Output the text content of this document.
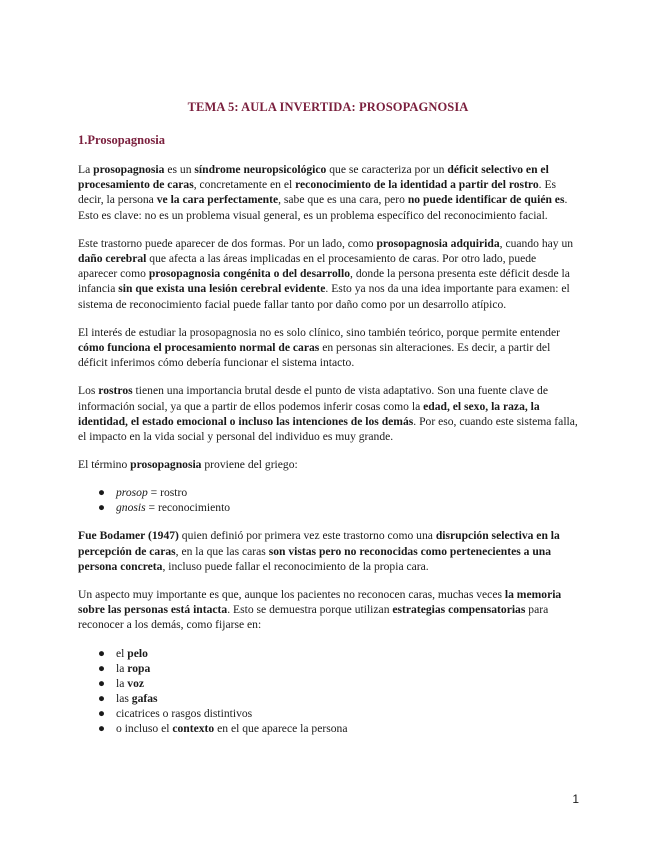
TEMA 5: AULA INVERTIDA: PROSOPAGNOSIA
1.Prosopagnosia

La prosopagnosia es un síndrome neuropsicológico que se caracteriza por un déficit selectivo en el procesamiento de caras, concretamente en el reconocimiento de la identidad a partir del rostro. Es decir, la persona ve la cara perfectamente, sabe que es una cara, pero no puede identificar de quién es. Esto es clave: no es un problema visual general, es un problema específico del reconocimiento facial.

Este trastorno puede aparecer de dos formas. Por un lado, como prosopagnosia adquirida, cuando hay un daño cerebral que afecta a las áreas implicadas en el procesamiento de caras. Por otro lado, puede aparecer como prosopagnosia congénita o del desarrollo, donde la persona presenta este déficit desde la infancia sin que exista una lesión cerebral evidente. Esto ya nos da una idea importante para examen: el sistema de reconocimiento facial puede fallar tanto por daño como por un desarrollo atípico.

El interés de estudiar la prosopagnosia no es solo clínico, sino también teórico, porque permite entender cómo funciona el procesamiento normal de caras en personas sin alteraciones. Es decir, a partir del déficit inferimos cómo debería funcionar el sistema intacto.

Los rostros tienen una importancia brutal desde el punto de vista adaptativo. Son una fuente clave de información social, ya que a partir de ellos podemos inferir cosas como la edad, el sexo, la raza, la identidad, el estado emocional o incluso las intenciones de los demás. Por eso, cuando este sistema falla, el impacto en la vida social y personal del individuo es muy grande.

El término prosopagnosia proviene del griego:

● prosop = rostro
● gnosis = reconocimiento

Fue Bodamer (1947) quien definió por primera vez este trastorno como una disrupción selectiva en la percepción de caras, en la que las caras son vistas pero no reconocidas como pertenecientes a una persona concreta, incluso puede fallar el reconocimiento de la propia cara.

Un aspecto muy importante es que, aunque los pacientes no reconocen caras, muchas veces la memoria sobre las personas está intacta. Esto se demuestra porque utilizan estrategias compensatorias para reconocer a los demás, como fijarse en:

● el pelo
● la ropa
● la voz
● las gafas
● cicatrices o rasgos distintivos
● o incluso el contexto en el que aparece la persona
1
